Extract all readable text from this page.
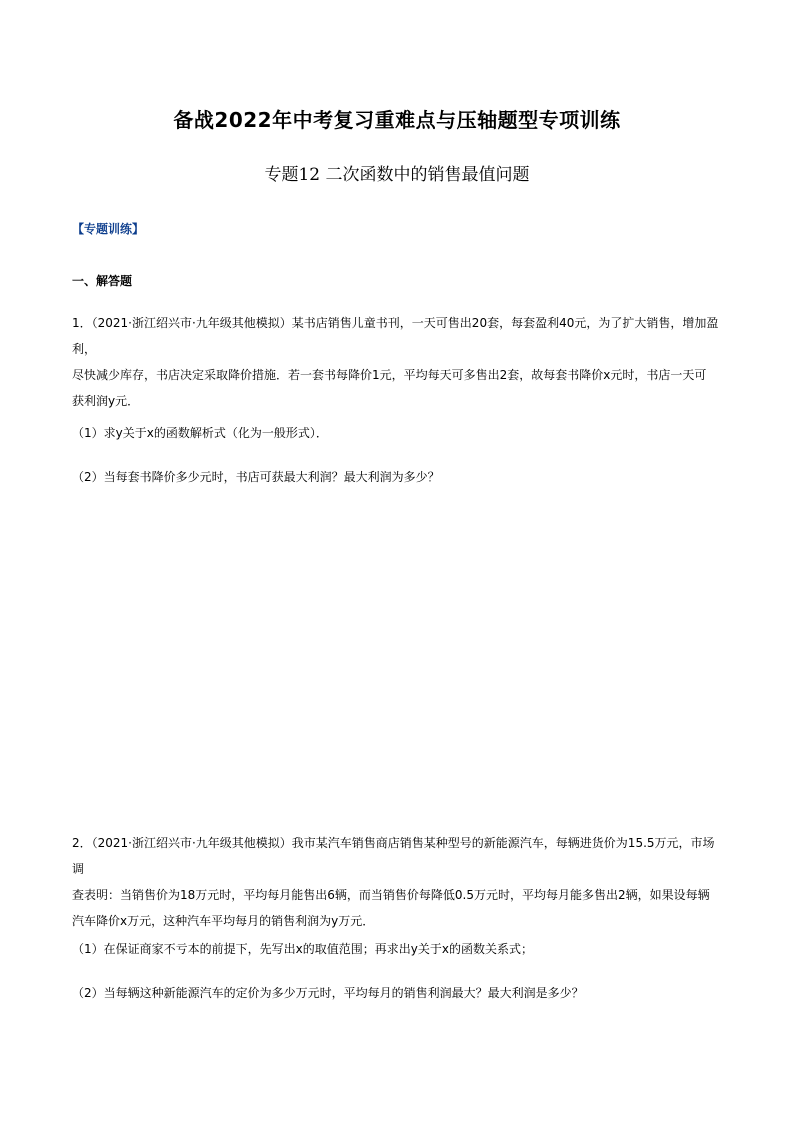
备战2022年中考复习重难点与压轴题型专项训练
专题12 二次函数中的销售最值问题
【专题训练】
一、解答题

1．（2021·浙江绍兴市·九年级其他模拟）某书店销售儿童书刊，一天可售出20套，每套盈利40元，为了扩大销售，增加盈利，

尽快减少库存，书店决定采取降价措施．若一套书每降价1元，平均每天可多售出2套，故每套书降价x元时，书店一天可

获利润y元．

（1）求y关于x的函数解析式（化为一般形式）．
（2）当每套书降价多少元时，书店可获最大利润？最大利润为多少？

2．（2021·浙江绍兴市·九年级其他模拟）我市某汽车销售商店销售某种型号的新能源汽车，每辆进货价为15.5万元，市场调

查表明：当销售价为18万元时，平均每月能售出6辆，而当销售价每降低0.5万元时，平均每月能多售出2辆，如果设每辆

汽车降价x万元，这种汽车平均每月的销售利润为y万元．

（1）在保证商家不亏本的前提下，先写出x的取值范围；再求出y关于x的函数关系式；
（2）当每辆这种新能源汽车的定价为多少万元时，平均每月的销售利润最大？最大利润是多少？
